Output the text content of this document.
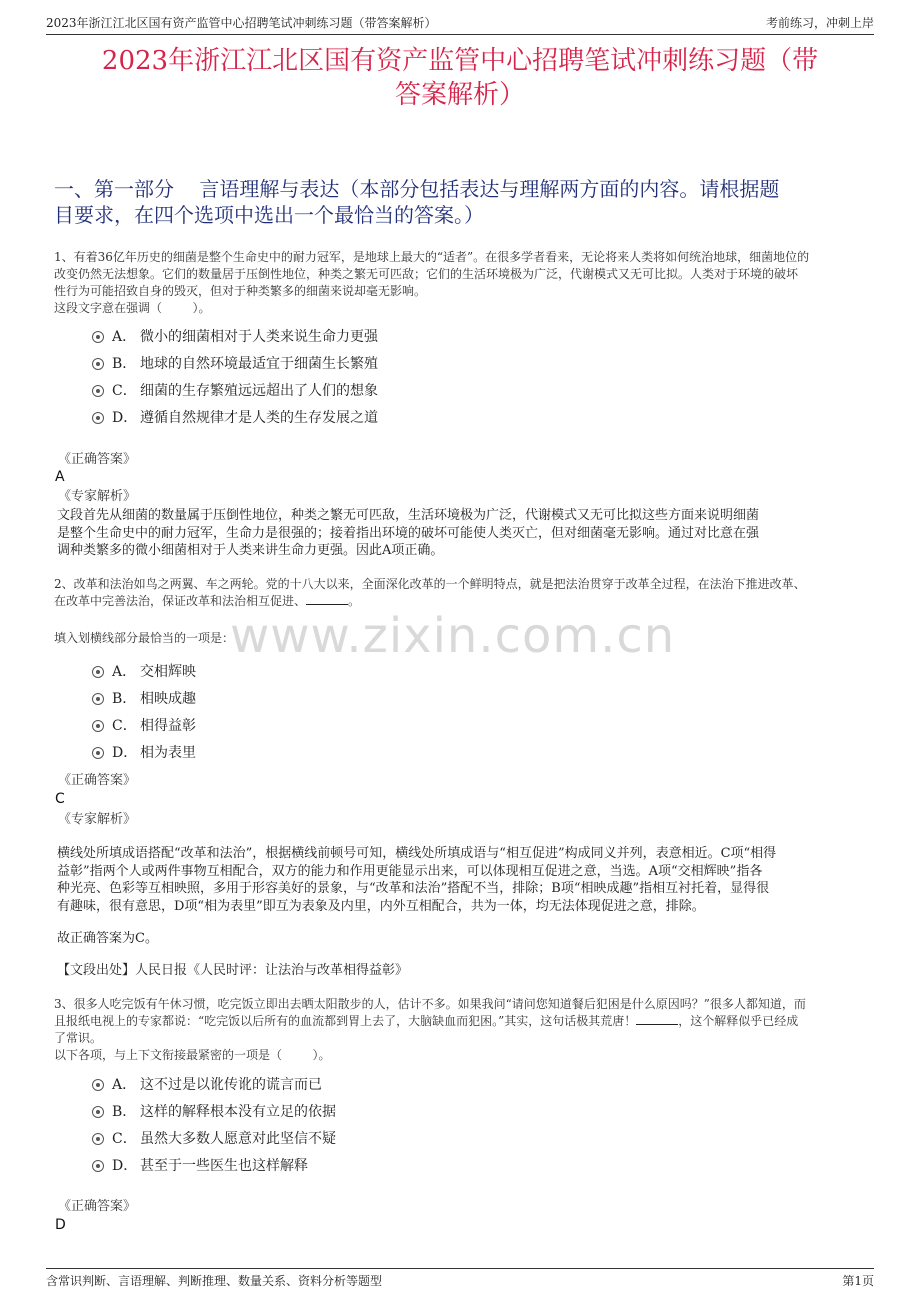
2023年浙江江北区国有资产监管中心招聘笔试冲刺练习题（带答案解析）	考前练习，冲刺上岸
2023年浙江江北区国有资产监管中心招聘笔试冲刺练习题（带
答案解析）
一、第一部分    言语理解与表达（本部分包括表达与理解两方面的内容。请根据题
目要求，在四个选项中选出一个最恰当的答案。）
www.zixin.com.cn
1、有着36亿年历史的细菌是整个生命史中的耐力冠军，是地球上最大的“适者”。在很多学者看来，无论将来人类将如何统治地球，细菌地位的
改变仍然无法想象。它们的数量居于压倒性地位，种类之繁无可匹敌；它们的生活环境极为广泛，代谢模式又无可比拟。人类对于环境的破坏
性行为可能招致自身的毁灭，但对于种类繁多的细菌来说却毫无影响。
这段文字意在强调（        ）。
A． 微小的细菌相对于人类来说生命力更强
B． 地球的自然环境最适宜于细菌生长繁殖
C． 细菌的生存繁殖远远超出了人们的想象
D． 遵循自然规律才是人类的生存发展之道
《正确答案》
A
《专家解析》
文段首先从细菌的数量属于压倒性地位，种类之繁无可匹敌，生活环境极为广泛，代谢模式又无可比拟这些方面来说明细菌
是整个生命史中的耐力冠军，生命力是很强的；接着指出环境的破坏可能使人类灭亡，但对细菌毫无影响。通过对比意在强
调种类繁多的微小细菌相对于人类来讲生命力更强。因此A项正确。
2、改革和法治如鸟之两翼、车之两轮。党的十八大以来，全面深化改革的一个鲜明特点，就是把法治贯穿于改革全过程，在法治下推进改革、
在改革中完善法治，保证改革和法治相互促进、	。
填入划横线部分最恰当的一项是：
A． 交相辉映
B． 相映成趣
C． 相得益彰
D． 相为表里
《正确答案》
C
《专家解析》
横线处所填成语搭配“改革和法治”，根据横线前顿号可知，横线处所填成语与“相互促进”构成同义并列，表意相近。C项“相得
益彰”指两个人或两件事物互相配合，双方的能力和作用更能显示出来，可以体现相互促进之意，当选。A项“交相辉映”指各
种光亮、色彩等互相映照，多用于形容美好的景象，与“改革和法治”搭配不当，排除；B项“相映成趣”指相互衬托着，显得很
有趣味，很有意思，D项“相为表里”即互为表象及内里，内外互相配合，共为一体，均无法体现促进之意，排除。
故正确答案为C。
【文段出处】人民日报《人民时评：让法治与改革相得益彰》
3、很多人吃完饭有午休习惯，吃完饭立即出去晒太阳散步的人，估计不多。如果我问“请问您知道餐后犯困是什么原因吗？”很多人都知道，而
且报纸电视上的专家都说：“吃完饭以后所有的血流都到胃上去了，大脑缺血而犯困。”其实，这句话极其荒唐！	，这个解释似乎已经成
了常识。
以下各项，与上下文衔接最紧密的一项是（        ）。
A． 这不过是以讹传讹的谎言而已
B． 这样的解释根本没有立足的依据
C． 虽然大多数人愿意对此坚信不疑
D． 甚至于一些医生也这样解释
《正确答案》
D
含常识判断、言语理解、判断推理、数量关系、资料分析等题型	第1页
